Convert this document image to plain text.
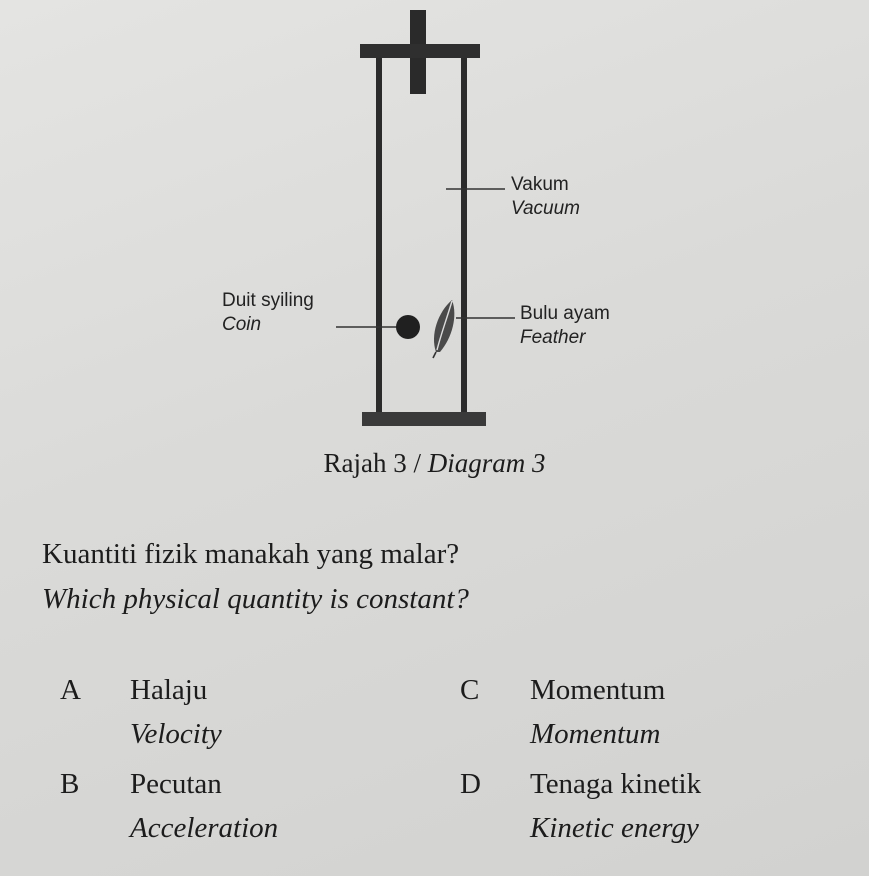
Vakum
Vacuum
Duit syiling
Coin
Bulu ayam
Feather
Rajah 3 / Diagram 3
Kuantiti fizik manakah yang malar?
Which physical quantity is constant?
A Halaju
Velocity
B Pecutan
Acceleration
C Momentum
Momentum
D Tenaga kinetik
Kinetic energy
